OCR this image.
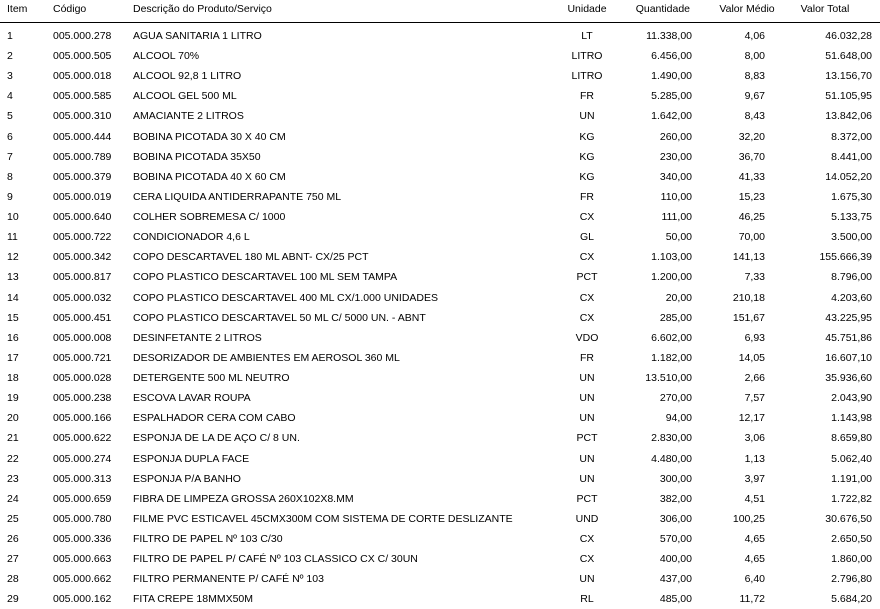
Item	Código	Descrição do Produto/Serviço	Unidade	Quantidade	Valor Médio	Valor Total
1	005.000.278	AGUA SANITARIA 1 LITRO	LT	11.338,00	4,06	46.032,28
2	005.000.505	ALCOOL 70%	LITRO	6.456,00	8,00	51.648,00
3	005.000.018	ALCOOL 92,8 1 LITRO	LITRO	1.490,00	8,83	13.156,70
4	005.000.585	ALCOOL GEL 500 ML	FR	5.285,00	9,67	51.105,95
5	005.000.310	AMACIANTE 2 LITROS	UN	1.642,00	8,43	13.842,06
6	005.000.444	BOBINA PICOTADA 30 X 40 CM	KG	260,00	32,20	8.372,00
7	005.000.789	BOBINA PICOTADA 35X50	KG	230,00	36,70	8.441,00
8	005.000.379	BOBINA PICOTADA 40 X 60 CM	KG	340,00	41,33	14.052,20
9	005.000.019	CERA LIQUIDA ANTIDERRAPANTE 750 ML	FR	110,00	15,23	1.675,30
10	005.000.640	COLHER SOBREMESA C/ 1000	CX	111,00	46,25	5.133,75
11	005.000.722	CONDICIONADOR 4,6 L	GL	50,00	70,00	3.500,00
12	005.000.342	COPO DESCARTAVEL 180 ML ABNT- CX/25 PCT	CX	1.103,00	141,13	155.666,39
13	005.000.817	COPO PLASTICO DESCARTAVEL 100 ML SEM TAMPA	PCT	1.200,00	7,33	8.796,00
14	005.000.032	COPO PLASTICO DESCARTAVEL 400 ML CX/1.000 UNIDADES	CX	20,00	210,18	4.203,60
15	005.000.451	COPO PLASTICO DESCARTAVEL 50 ML C/ 5000 UN. - ABNT	CX	285,00	151,67	43.225,95
16	005.000.008	DESINFETANTE 2 LITROS	VDO	6.602,00	6,93	45.751,86
17	005.000.721	DESORIZADOR DE AMBIENTES EM AEROSOL 360 ML	FR	1.182,00	14,05	16.607,10
18	005.000.028	DETERGENTE 500 ML NEUTRO	UN	13.510,00	2,66	35.936,60
19	005.000.238	ESCOVA LAVAR ROUPA	UN	270,00	7,57	2.043,90
20	005.000.166	ESPALHADOR CERA COM CABO	UN	94,00	12,17	1.143,98
21	005.000.622	ESPONJA DE LA DE AÇO C/ 8 UN.	PCT	2.830,00	3,06	8.659,80
22	005.000.274	ESPONJA DUPLA FACE	UN	4.480,00	1,13	5.062,40
23	005.000.313	ESPONJA P/A BANHO	UN	300,00	3,97	1.191,00
24	005.000.659	FIBRA DE LIMPEZA GROSSA 260X102X8.MM	PCT	382,00	4,51	1.722,82
25	005.000.780	FILME PVC ESTICAVEL 45CMX300M COM SISTEMA DE CORTE DESLIZANTE	UND	306,00	100,25	30.676,50
26	005.000.336	FILTRO DE PAPEL Nº 103 C/30	CX	570,00	4,65	2.650,50
27	005.000.663	FILTRO DE PAPEL P/ CAFÉ Nº 103 CLASSICO CX C/ 30UN	CX	400,00	4,65	1.860,00
28	005.000.662	FILTRO PERMANENTE P/ CAFÉ Nº 103	UN	437,00	6,40	2.796,80
29	005.000.162	FITA CREPE 18MMX50M	RL	485,00	11,72	5.684,20
